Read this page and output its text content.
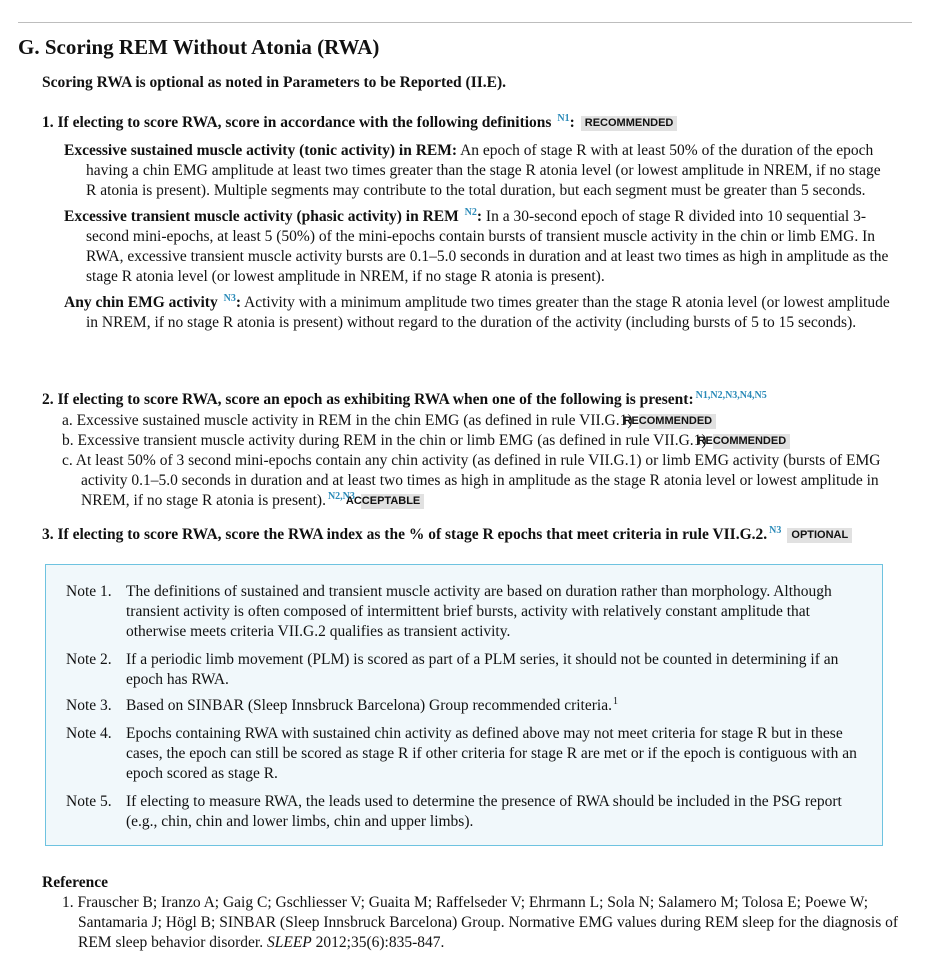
G. Scoring REM Without Atonia (RWA)
Scoring RWA is optional as noted in Parameters to be Reported (II.E).
1. If electing to score RWA, score in accordance with the following definitions $^{N1}$: RECOMMENDED

Excessive sustained muscle activity (tonic activity) in REM: An epoch of stage R with at least 50% of the duration of the epoch having a chin EMG amplitude at least two times greater than the stage R atonia level (or lowest amplitude in NREM, if no stage R atonia is present). Multiple segments may contribute to the total duration, but each segment must be greater than 5 seconds.

Excessive transient muscle activity (phasic activity) in REM $^{N2}$: In a 30-second epoch of stage R divided into 10 sequential 3-second mini-epochs, at least 5 (50%) of the mini-epochs contain bursts of transient muscle activity in the chin or limb EMG. In RWA, excessive transient muscle activity bursts are 0.1–5.0 seconds in duration and at least two times as high in amplitude as the stage R atonia level (or lowest amplitude in NREM, if no stage R atonia is present).

Any chin EMG activity $^{N3}$: Activity with a minimum amplitude two times greater than the stage R atonia level (or lowest amplitude in NREM, if no stage R atonia is present) without regard to the duration of the activity (including bursts of 5 to 15 seconds).

2. If electing to score RWA, score an epoch as exhibiting RWA when one of the following is present: $^{N1,N2,N3,N4,N5}$

a. Excessive sustained muscle activity in REM in the chin EMG (as defined in rule VII.G.1)RECOMMENDED

b. Excessive transient muscle activity during REM in the chin or limb EMG (as defined in rule VII.G.1)RECOMMENDED

c. At least 50% of 3 second mini-epochs contain any chin activity (as defined in rule VII.G.1) or limb EMG activity (bursts of EMG activity 0.1–5.0 seconds in duration and at least two times as high in amplitude as the stage R atonia level or lowest amplitude in NREM, if no stage R atonia is present). $^{N2,N3}$ACCEPTABLE

3. If electing to score RWA, score the RWA index as the % of stage R epochs that meet criteria in rule VII.G.2. $^{N3}$ OPTIONAL
Note 1. The definitions of sustained and transient muscle activity are based on duration rather than morphology. Although transient activity is often composed of intermittent brief bursts, activity with relatively constant amplitude that otherwise meets criteria VII.G.2 qualifies as transient activity.
Note 2. If a periodic limb movement (PLM) is scored as part of a PLM series, it should not be counted in determining if an epoch has RWA.
Note 3. Based on SINBAR (Sleep Innsbruck Barcelona) Group recommended criteria.$^1$
Note 4. Epochs containing RWA with sustained chin activity as defined above may not meet criteria for stage R but in these cases, the epoch can still be scored as stage R if other criteria for stage R are met or if the epoch is contiguous with an epoch scored as stage R.
Note 5. If electing to measure RWA, the leads used to determine the presence of RWA should be included in the PSG report (e.g., chin, chin and lower limbs, chin and upper limbs).
Reference

1. Frauscher B; Iranzo A; Gaig C; Gschliesser V; Guaita M; Raffelseder V; Ehrmann L; Sola N; Salamero M; Tolosa E; Poewe W; Santamaria J; Högl B; SINBAR (Sleep Innsbruck Barcelona) Group. Normative EMG values during REM sleep for the diagnosis of REM sleep behavior disorder. SLEEP 2012;35(6):835-847.
